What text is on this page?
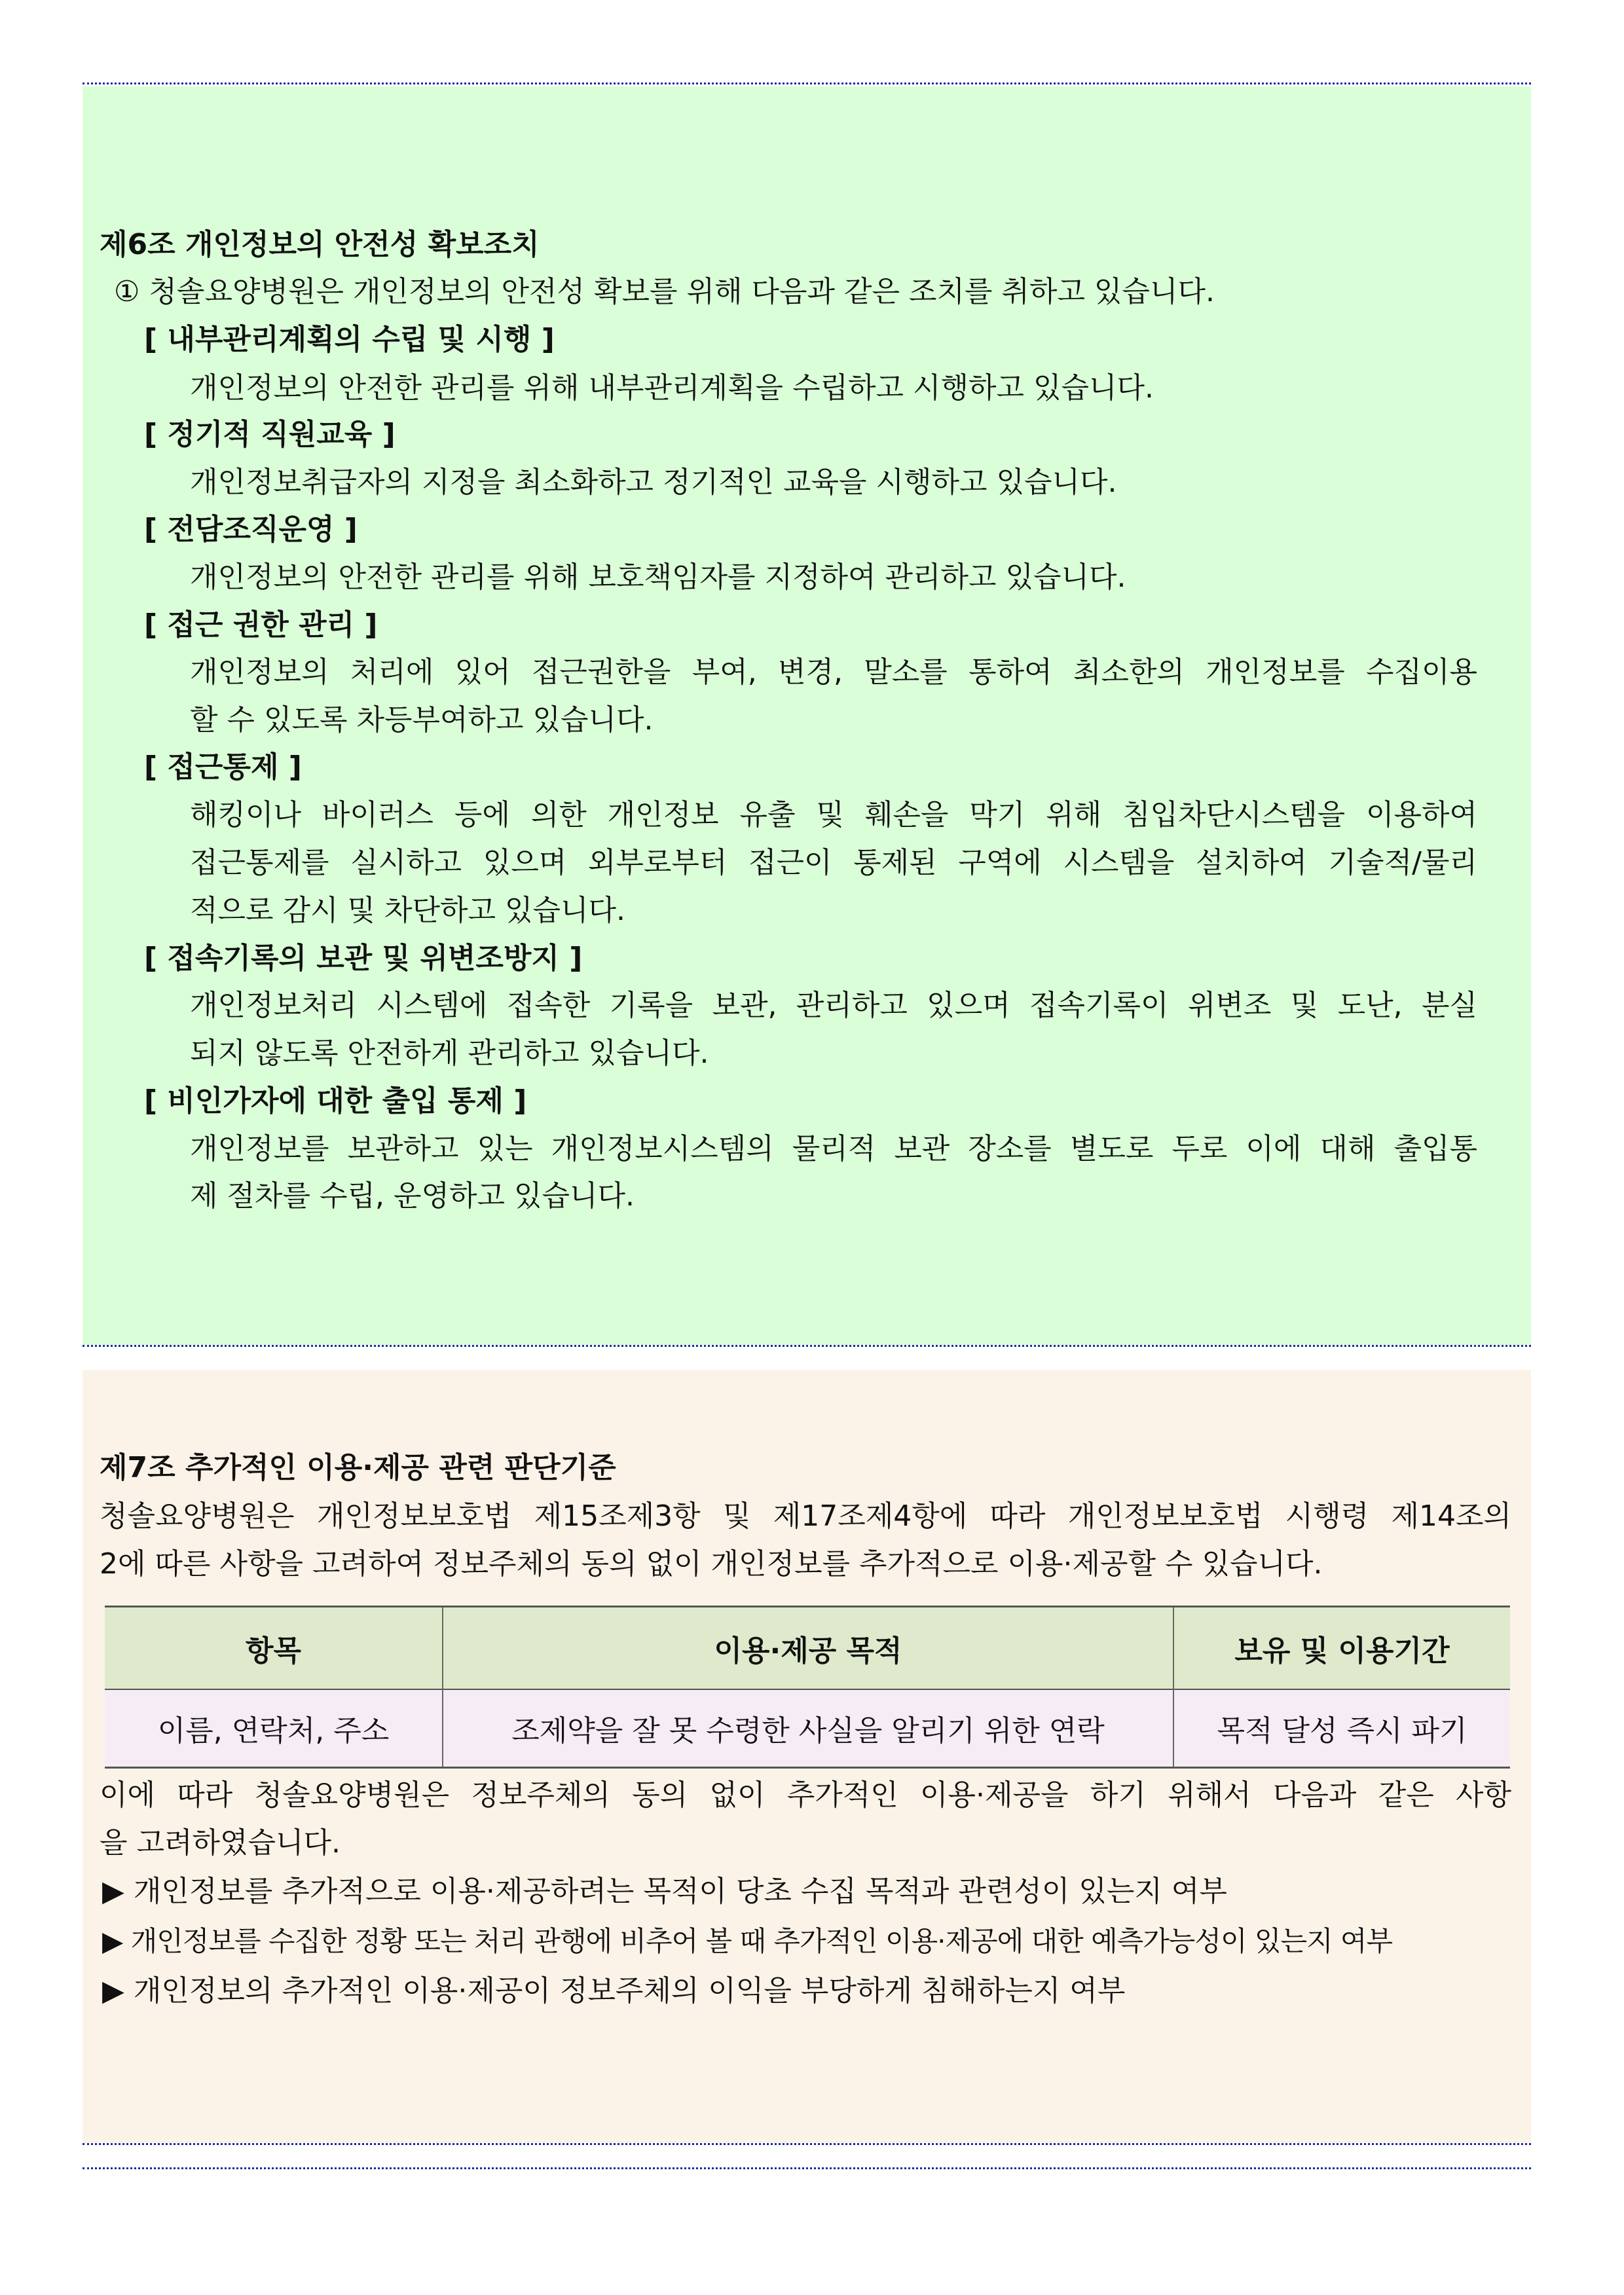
제6조 개인정보의 안전성 확보조치
① 청솔요양병원은 개인정보의 안전성 확보를 위해 다음과 같은 조치를 취하고 있습니다.
[ 내부관리계획의 수립 및 시행 ]
개인정보의 안전한 관리를 위해 내부관리계획을 수립하고 시행하고 있습니다.
[ 정기적 직원교육 ]
개인정보취급자의 지정을 최소화하고 정기적인 교육을 시행하고 있습니다.
[ 전담조직운영 ]
개인정보의 안전한 관리를 위해 보호책임자를 지정하여 관리하고 있습니다.
[ 접근 권한 관리 ]
개인정보의 처리에 있어 접근권한을 부여, 변경, 말소를 통하여 최소한의 개인정보를 수집이용
할 수 있도록 차등부여하고 있습니다.
[ 접근통제 ]
해킹이나 바이러스 등에 의한 개인정보 유출 및 훼손을 막기 위해 침입차단시스템을 이용하여
접근통제를 실시하고 있으며 외부로부터 접근이 통제된 구역에 시스템을 설치하여 기술적/물리
적으로 감시 및 차단하고 있습니다.
[ 접속기록의 보관 및 위변조방지 ]
개인정보처리 시스템에 접속한 기록을 보관, 관리하고 있으며 접속기록이 위변조 및 도난, 분실
되지 않도록 안전하게 관리하고 있습니다.
[ 비인가자에 대한 출입 통제 ]
개인정보를 보관하고 있는 개인정보시스템의 물리적 보관 장소를 별도로 두로 이에 대해 출입통
제 절차를 수립, 운영하고 있습니다.
제7조 추가적인 이용·제공 관련 판단기준
청솔요양병원은 개인정보보호법 제15조제3항 및 제17조제4항에 따라 개인정보보호법 시행령 제14조의
2에 따른 사항을 고려하여 정보주체의 동의 없이 개인정보를 추가적으로 이용·제공할 수 있습니다.
항목	이용·제공 목적	보유 및 이용기간
이름, 연락처, 주소	조제약을 잘 못 수령한 사실을 알리기 위한 연락	목적 달성 즉시 파기
이에 따라 청솔요양병원은 정보주체의 동의 없이 추가적인 이용·제공을 하기 위해서 다음과 같은 사항
을 고려하였습니다.
▶ 개인정보를 추가적으로 이용·제공하려는 목적이 당초 수집 목적과 관련성이 있는지 여부
▶ 개인정보를 수집한 정황 또는 처리 관행에 비추어 볼 때 추가적인 이용·제공에 대한 예측가능성이 있는지 여부
▶ 개인정보의 추가적인 이용·제공이 정보주체의 이익을 부당하게 침해하는지 여부
